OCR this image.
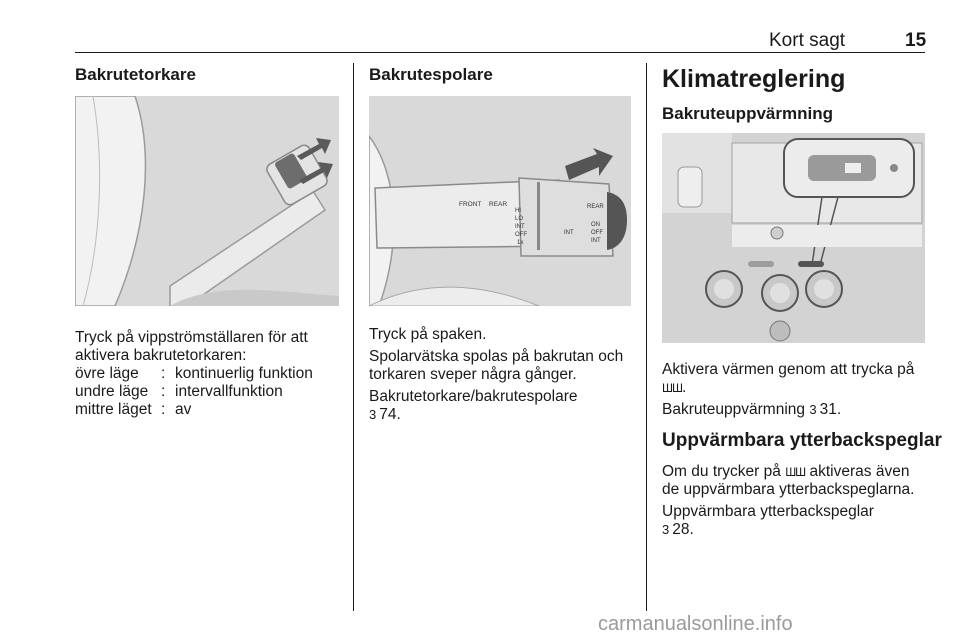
Kort sagt	15
Bakrutetorkare
Tryck på vippströmställaren för att
aktivera bakrutetorkaren:
övre läge : kontinuerlig funktion
undre läge : intervallfunktion
mittre läget : av
Bakrutespolare
FRONT REAR
HI
LO
INT
OFF
1x
INT
REAR
ON
OFF
INT
Tryck på spaken.
Spolarvätska spolas på bakrutan och
torkaren sveper några gånger.
Bakrutetorkare/bakrutespolare
3 74.
Klimatreglering
Bakruteuppvärmning
Aktivera värmen genom att trycka på
ШШ.
Bakruteuppvärmning 3 31.
Uppvärmbara ytterbackspeglar
Om du trycker på ШШ aktiveras även
de uppvärmbara ytterbackspeglarna.
Uppvärmbara ytterbackspeglar
3 28.
carmanualsonline.info
